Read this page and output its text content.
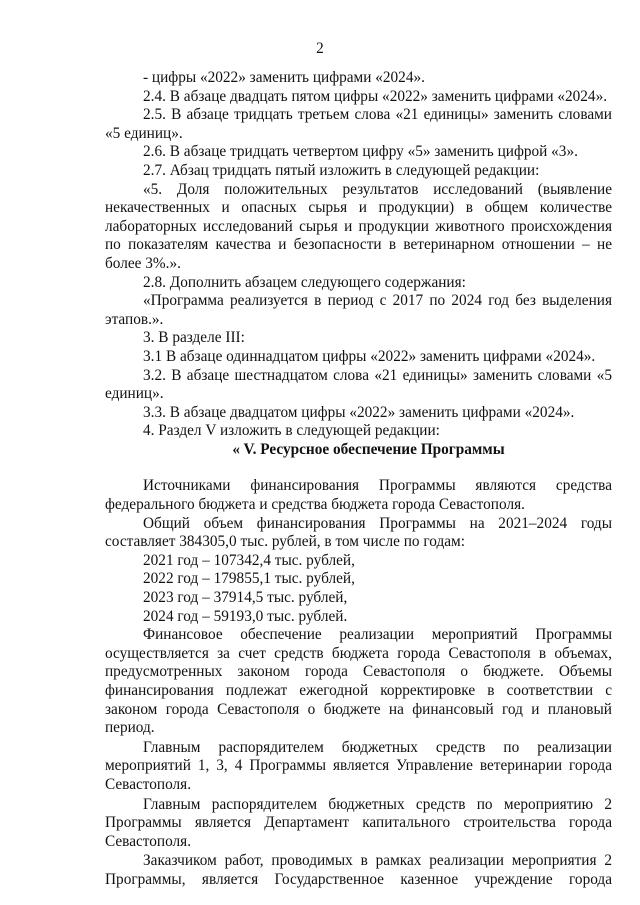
2

- цифры «2022» заменить цифрами «2024».

2.4. В абзаце двадцать пятом цифры «2022» заменить цифрами «2024».

2.5. В абзаце тридцать третьем слова «21 единицы» заменить словами «5 единиц».

2.6. В абзаце тридцать четвертом цифру «5» заменить цифрой «3».

2.7. Абзац тридцать пятый изложить в следующей редакции:

«5. Доля положительных результатов исследований (выявление некачественных и опасных сырья и продукции) в общем количестве лабораторных исследований сырья и продукции животного происхождения по показателям качества и безопасности в ветеринарном отношении – не более 3%.».

2.8. Дополнить абзацем следующего содержания:

«Программа реализуется в период с 2017 по 2024 год без выделения этапов.».

3. В разделе III:

3.1 В абзаце одиннадцатом цифры «2022» заменить цифрами «2024».

3.2. В абзаце шестнадцатом слова «21 единицы» заменить словами «5 единиц».

3.3. В абзаце двадцатом цифры «2022» заменить цифрами «2024».

4. Раздел V изложить в следующей редакции:

« V. Ресурсное обеспечение Программы

Источниками финансирования Программы являются средства федерального бюджета и средства бюджета города Севастополя.

Общий объем финансирования Программы на 2021–2024 годы составляет 384305,0 тыс. рублей, в том числе по годам:

2021 год – 107342,4 тыс. рублей,

2022 год – 179855,1 тыс. рублей,

2023 год – 37914,5 тыс. рублей,

2024 год – 59193,0 тыс. рублей.

Финансовое обеспечение реализации мероприятий Программы осуществляется за счет средств бюджета города Севастополя в объемах, предусмотренных законом города Севастополя о бюджете. Объемы финансирования подлежат ежегодной корректировке в соответствии с законом города Севастополя о бюджете на финансовый год и плановый период.

Главным распорядителем бюджетных средств по реализации мероприятий 1, 3, 4 Программы является Управление ветеринарии города Севастополя.

Главным распорядителем бюджетных средств по мероприятию 2 Программы является Департамент капитального строительства города Севастополя.

Заказчиком работ, проводимых в рамках реализации мероприятия 2 Программы, является Государственное казенное учреждение города
